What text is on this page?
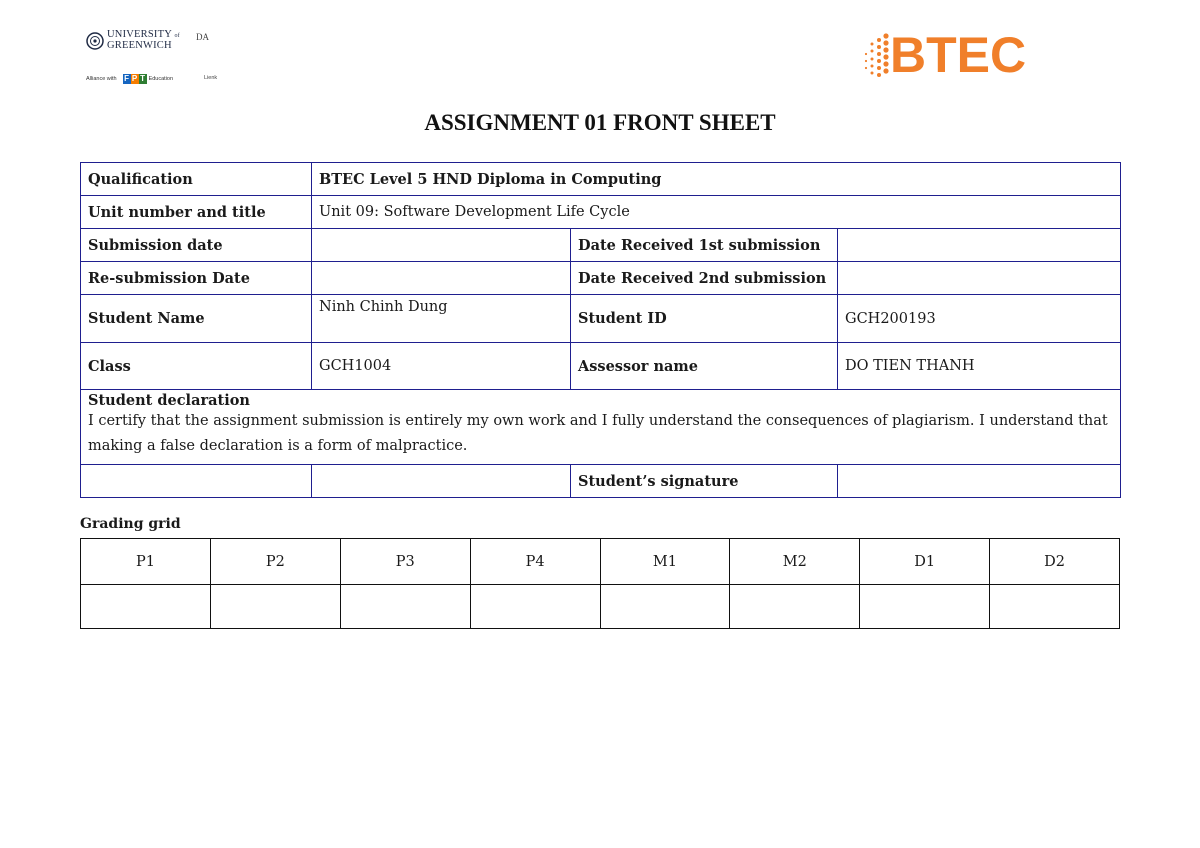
UNIVERSITY of
GREENWICH
DA
Alliance with F P T Education	Lienk	BTEC
ASSIGNMENT 01 FRONT SHEET
Qualification	BTEC Level 5 HND Diploma in Computing		
Unit number and title	Unit 09: Software Development Life Cycle		
Submission date		Date Received 1st submission	
Re-submission Date		Date Received 2nd submission	
Student Name	Ninh Chinh Dung	Student ID	GCH200193
Class	GCH1004	Assessor name	DO TIEN THANH

Student declaration
I certify that the assignment submission is entirely my own work and I fully understand the consequences of plagiarism. I understand that making a false declaration is a form of malpractice.			

		Student’s signature	
Grading grid
P1	P2	P3	P4	M1	M2	D1	D2
